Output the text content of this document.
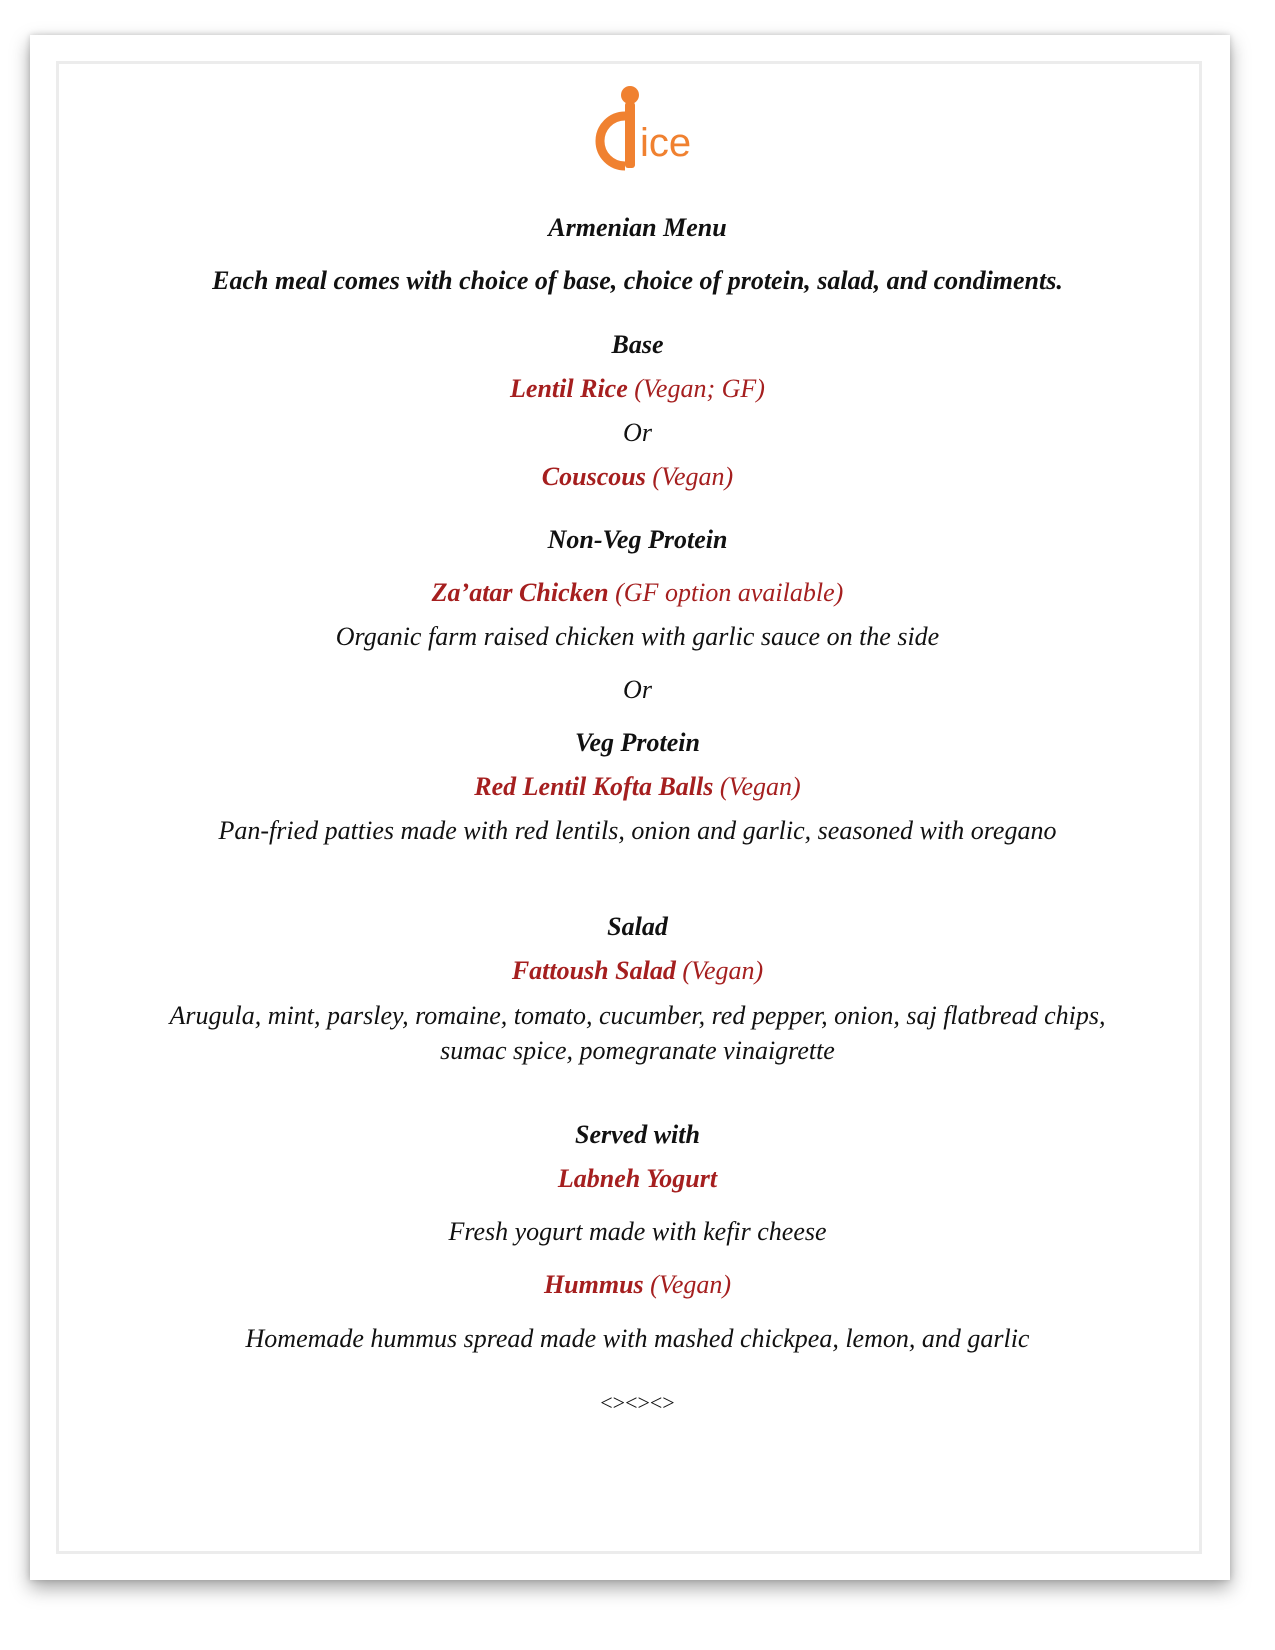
ice
Armenian Menu
Each meal comes with choice of base, choice of protein, salad, and condiments.
Base
Lentil Rice (Vegan; GF)
Or
Couscous (Vegan)
Non-Veg Protein
Za’atar Chicken (GF option available)
Organic farm raised chicken with garlic sauce on the side
Or
Veg Protein
Red Lentil Kofta Balls (Vegan)
Pan-fried patties made with red lentils, onion and garlic, seasoned with oregano
Salad
Fattoush Salad (Vegan)
Arugula, mint, parsley, romaine, tomato, cucumber, red pepper, onion, saj flatbread chips, sumac spice, pomegranate vinaigrette
Served with
Labneh Yogurt
Fresh yogurt made with kefir cheese
Hummus (Vegan)
Homemade hummus spread made with mashed chickpea, lemon, and garlic
<><><>
